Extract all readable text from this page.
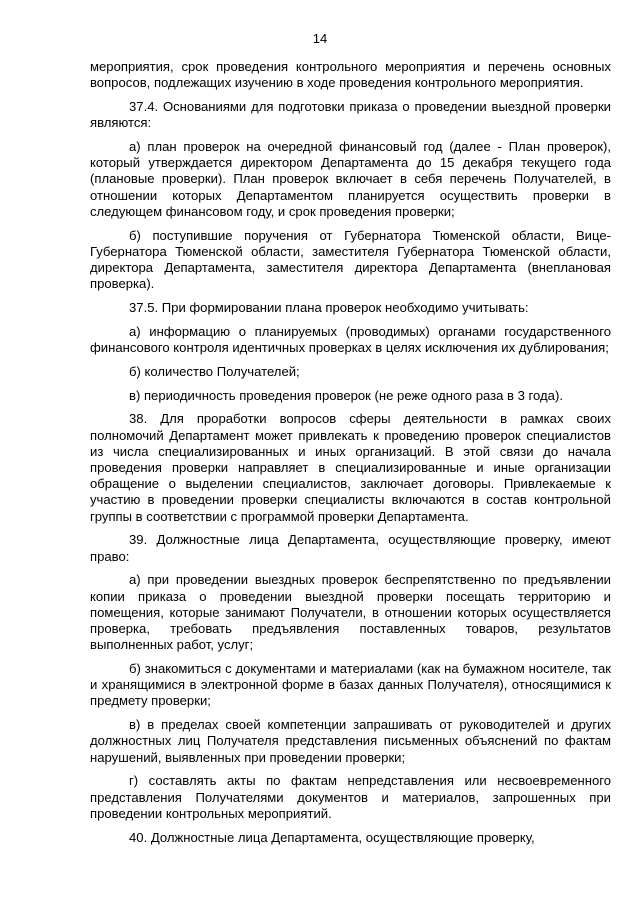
14

мероприятия, срок проведения контрольного мероприятия и перечень основных вопросов, подлежащих изучению в ходе проведения контрольного мероприятия.

37.4. Основаниями для подготовки приказа о проведении выездной проверки являются:

а) план проверок на очередной финансовый год (далее - План проверок), который утверждается директором Департамента до 15 декабря текущего года (плановые проверки). План проверок включает в себя перечень Получателей, в отношении которых Департаментом планируется осуществить проверки в следующем финансовом году, и срок проведения проверки;

б) поступившие поручения от Губернатора Тюменской области, Вице-Губернатора Тюменской области, заместителя Губернатора Тюменской области, директора Департамента, заместителя директора Департамента (внеплановая проверка).

37.5. При формировании плана проверок необходимо учитывать:

а) информацию о планируемых (проводимых) органами государственного финансового контроля идентичных проверках в целях исключения их дублирования;

б) количество Получателей;

в) периодичность проведения проверок (не реже одного раза в 3 года).

38. Для проработки вопросов сферы деятельности в рамках своих полномочий Департамент может привлекать к проведению проверок специалистов из числа специализированных и иных организаций. В этой связи до начала проведения проверки направляет в специализированные и иные организации обращение о выделении специалистов, заключает договоры. Привлекаемые к участию в проведении проверки специалисты включаются в состав контрольной группы в соответствии с программой проверки Департамента.

39. Должностные лица Департамента, осуществляющие проверку, имеют право:

а) при проведении выездных проверок беспрепятственно по предъявлении копии приказа о проведении выездной проверки посещать территорию и помещения, которые занимают Получатели, в отношении которых осуществляется проверка, требовать предъявления поставленных товаров, результатов выполненных работ, услуг;

б) знакомиться с документами и материалами (как на бумажном носителе, так и хранящимися в электронной форме в базах данных Получателя), относящимися к предмету проверки;

в) в пределах своей компетенции запрашивать от руководителей и других должностных лиц Получателя представления письменных объяснений по фактам нарушений, выявленных при проведении проверки;

г) составлять акты по фактам непредставления или несвоевременного представления Получателями документов и материалов, запрошенных при проведении контрольных мероприятий.

40. Должностные лица Департамента, осуществляющие проверку,
